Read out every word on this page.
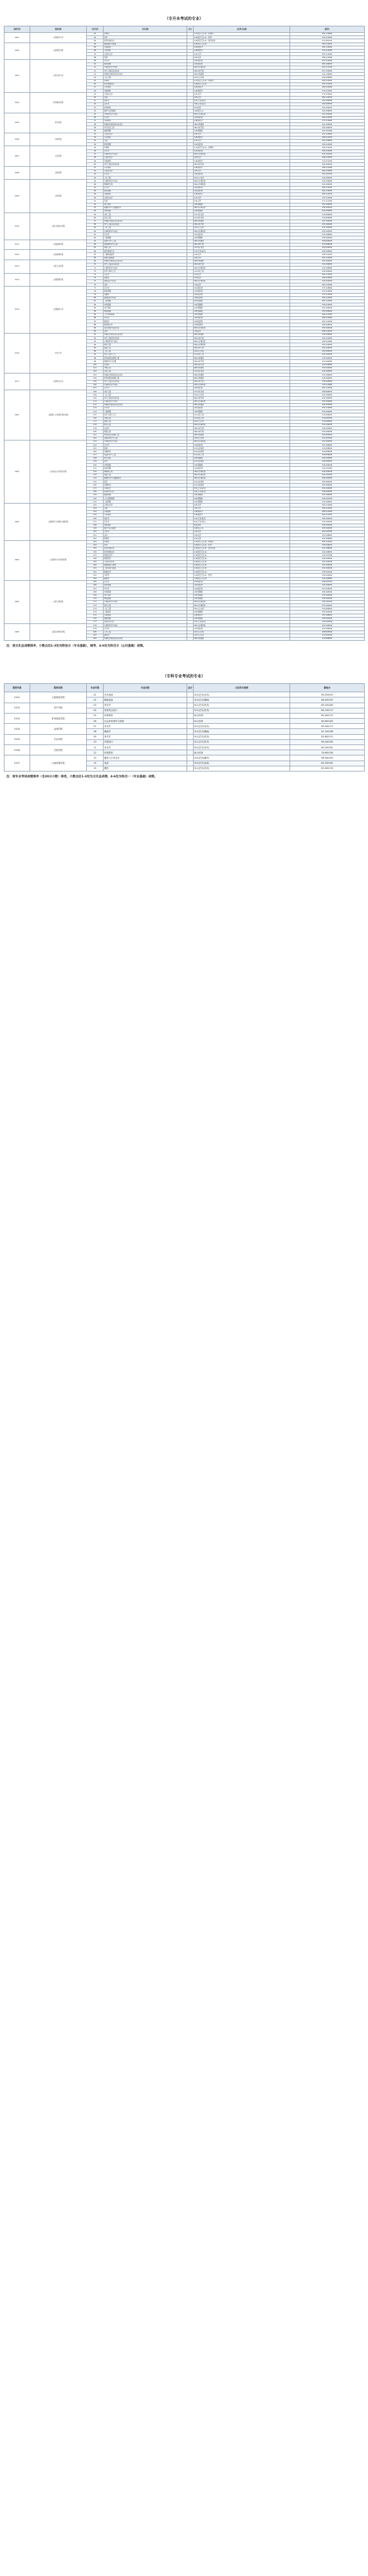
（专升本考试的专业）
院校代码	院校名称	专业代码	专业名称	总分	文化科目成绩	最低分
0101	山西医科大学	01	护理学		1(7)医疗卫生(1)（护理学）	281.119683
		02	药学		1(9)医疗卫生(1)（药学）	230.115094
		03	医学检验技术		1(9)医疗卫生(1)（医学检验）	279.265104
0102	太原师范学院	04	健康服务与管理		1(9)医疗卫生(1)	289.110070
		05	学前教育		1(8)教育学	285.116955
		06	小学教育		1(8)教育学	279.112050
		07	汉语言文学		2(3)文学	285.114060
		08	英语		2(3)文学	286.112000
0103	山西大同大学	09	会计学		4(1)财会类	263.114064
		10	财务管理		4(1)财会类	265.106045
		11	计算机科学与技术		06(1)计算机类	263.111040
		12	电气工程及其自动化		09(1)电气类	227.114065
		13	机械设计制造及其自动化		08(1)机械类	241.106650
		14	土木工程		10(1)土木类	249.108060
		15	护理学		1(7)医疗卫生(1)（护理学）	260.112045
		16	医学影像技术		1(9)医疗卫生(1)	255.111055
		17	小学教育		1(8)教育学	280.114080
		18	学前教育		1(8)教育学	279.112055
0104	忻州师范学院	19	汉语言文学		2(3)文学	279.110042
		20	英语		2(3)文学	281.114070
		21	美术学		5(1)艺术(美术)	250.106040
		22	音乐学		5(2)艺术(音乐)	246.105035
		23	体育教育		6(1)体育	245.104030
		24	数学与应用数学		4(2)理工(1)	243.108055
0105	晋中学院	25	计算机科学与技术		06(1)计算机类	240.104044
		26	会计学		4(1)财会类	262.112040
		27	学前教育		1(8)教育学	275.110065
		28	机械设计制造及其自动化		08(1)机械类	221.105050
		29	电子信息工程		09(1)电气类	228.106030
		30	旅游管理		4(3)管理类	250.107060
0106	运城学院	31	汉语言文学		2(3)文学	271.116055
		32	小学教育		1(8)教育学	268.112070
		33	英语		2(3)文学	264.108050
		34	财务管理		4(1)财会类	258.110045
0107	长治学院	35	护理学		1(7)医疗卫生(1)（护理学）	258.114040
		36	会计学		4(1)财会类	260.112060
		37	计算机科学与技术		06(1)计算机类	236.102040
		38	汉语言文学		2(3)文学	268.112050
		39	学前教育		1(8)教育学	270.111055
		40	电气工程及其自动化		09(1)电气类	226.103030
0108	吕梁学院	41	小学教育		1(8)教育学	266.111060
		42	汉语言文学		2(3)文学	262.110050
		43	会计学		4(1)财会类	255.107045
		44	土木工程		10(1)土木类	219.100040
0109	太原学院	45	计算机科学与技术		06(1)计算机类	245.106060
		46	物联网工程		06(1)计算机类	232.104050
		47	会计学		4(1)财会类	266.112055
		48	财务管理		4(1)财会类	263.110050
		49	学前教育		1(8)教育学	280.114070
		50	汉语言文学		2(3)文学	276.112065
		51	英语		2(3)文学	272.111060
		52	电子商务		4(3)管理类	252.106055
		53	数据科学与大数据技术		06(1)计算机类	238.104045
		54	市场营销		4(3)管理类	249.105050
0110	山西工程技术学院	55	采矿工程		13(1)矿业类	210.098040
		56	安全工程		13(1)矿业类	214.099045
		57	机械设计制造及其自动化		08(1)机械类	222.102050
		58	电气工程及其自动化		09(1)电气类	225.104040
		59	土木工程		10(1)土木类	216.100045
		60	计算机科学与技术		06(1)计算机类	235.103055
		61	会计学		4(1)财会类	254.108050
		62	工程管理		4(3)管理类	238.104050
0111	山西能源学院	63	能源与动力工程		08(1)机械类	208.096040
		64	新能源科学与工程		09(1)电气类	212.098045
		65	地质工程		13(1)矿业类	205.095040
0112	山西传媒学院	66	数字媒体艺术		5(1)艺术(美术)	248.108050
		67	广播电视编导		2(3)文学	258.112055
		68	网络与新媒体		2(3)文学	255.110050
0113	太原工业学院	69	机械设计制造及其自动化		08(1)机械类	230.104055
		70	电气工程及其自动化		09(1)电气类	234.106050
		71	计算机科学与技术		06(1)计算机类	240.108060
		72	化学工程与工艺		11(1)化工类	218.100045
0114	山西警察学院	73	治安学		3(1)法学	262.112050
		74	侦查学		3(1)法学	258.110045
		75	网络安全与执法		06(1)计算机类	236.104040
		76	法学		3(1)法学	265.114060
0115	山西财经大学	77	会计学		4(1)财会类	275.118060
		78	财务管理		4(1)财会类	272.116055
		79	金融学		4(2)经济类	270.115050
		80	国际经济与贸易		4(2)经济类	262.112050
		81	工商管理		4(3)管理类	265.113055
		82	市场营销		4(3)管理类	258.110050
		83	电子商务		4(3)管理类	255.108045
		84	物流管理		4(3)管理类	250.106050
		85	人力资源管理		4(3)管理类	260.111055
		86	审计学		4(1)财会类	268.114060
		87	税收学		4(2)经济类	262.112050
		88	经济统计学		4(2)经济类	248.106045
		89	信息管理与信息系统		06(1)计算机类	238.104040
		90	法学		3(1)法学	266.114055
0116	中北大学	91	机械设计制造及其自动化		08(1)机械类	238.108050
		92	电气工程及其自动化		09(1)电气类	242.110055
		93	计算机科学与技术		06(1)计算机类	248.112060
		94	软件工程		06(1)计算机类	244.110055
		95	通信工程		09(1)电气类	236.106050
		96	土木工程		10(1)土木类	226.104045
		97	化学工程与工艺		11(1)化工类	220.102040
		98	材料成型及控制工程		08(1)机械类	218.100045
		99	测控技术与仪器		09(1)电气类	224.102050
		100	自动化		09(1)电气类	240.108055
		101	车辆工程		08(1)机械类	228.104050
		102	安全工程		13(1)矿业类	216.100040
0117	太原科技大学	103	机械设计制造及其自动化		08(1)机械类	234.106050
		104	材料成型及控制工程		08(1)机械类	218.100045
		105	电气工程及其自动化		09(1)电气类	238.108055
		106	计算机科学与技术		06(1)计算机类	244.110060
		107	会计学		4(1)财会类	262.112055
0201	太原理工大学现代科技学院	108	采矿工程		13(1)矿业类	208.096045
		109	土木工程		10(1)土木类	220.100050
		110	电气工程及其自动化		09(1)电气类	232.104055
		111	计算机科学与技术		06(1)计算机类	238.106060
		112	机械设计制造及其自动化		08(1)机械类	226.102050
		113	会计学		4(1)财会类	255.110055
		114	工程管理		4(3)管理类	236.104050
		115	化学工程与工艺		11(1)化工类	212.098040
		116	环境工程		11(1)化工类	210.097045
		117	测绘工程		10(1)土木类	214.099040
		118	软件工程		06(1)计算机类	234.104055
		119	自动化		09(1)电气类	228.103050
		120	通信工程		09(1)电气类	225.102045
		121	材料成型及控制工程		08(1)机械类	209.096040
		122	给排水科学与工程		10(1)土木类	211.097045
0202	山西农业大学信息学院	123	计算机科学与技术		06(1)计算机类	232.104050
		124	会计学		4(1)财会类	252.108055
		125	园林		12(1)农林类	210.098040
		126	动物医学		12(1)农林类	214.099045
		127	食品科学与工程		11(1)化工类	208.096040
		128	电子商务		4(3)管理类	240.105050
		129	农学		12(1)农林类	206.095040
		130	市场营销		4(3)管理类	238.104045
		131	财务管理		4(1)财会类	250.107050
		132	物联网工程		06(1)计算机类	226.102045
		133	网络工程		06(1)计算机类	224.101045
		134	数据科学与大数据技术		06(1)计算机类	228.102050
		135	园艺		12(1)农林类	205.094040
		136	动物科学		12(1)农林类	207.095040
		137	环境设计		5(1)艺术(美术)	236.104050
		138	视觉传达设计		5(1)艺术(美术)	238.105050
		139	旅游管理		4(3)管理类	242.106050
		140	人力资源管理		4(3)管理类	246.107055
		141	工商管理		4(3)管理类	244.106050
0203	山西师范大学现代文理学院	142	汉语言文学		2(3)文学	262.112050
		143	英语		2(3)文学	258.110055
		144	学前教育		1(8)教育学	266.112060
		145	小学教育		1(8)教育学	264.111055
		146	美术学		5(1)艺术(美术)	236.104045
		147	音乐学		5(2)艺术(音乐)	232.102040
		148	体育教育		6(1)体育	230.101040
		149	数学与应用数学		4(2)理工(1)	228.102050
		150	历史学		2(3)文学	250.107050
		151	法学		3(1)法学	254.108055
		152	新闻学		2(3)文学	252.108050
0204	山西医科大学晋祠学院	153	护理学		1(7)医疗卫生(1)（护理学）	255.112050
		154	药学		1(9)医疗卫生(1)（药学）	238.106045
		155	医学检验技术		1(9)医疗卫生(1)（医学检验）	242.108050
		156	医学影像技术		1(9)医疗卫生(1)	244.108055
		157	康复治疗学		1(9)医疗卫生(1)	240.107050
		158	预防医学		1(9)医疗卫生(1)	236.105045
		159	口腔医学技术		1(9)医疗卫生(1)	234.104045
		160	健康服务与管理		1(9)医疗卫生(1)	232.103040
		161	卫生检验与检疫		1(9)医疗卫生(1)	230.102040
		162	眼视光学		1(9)医疗卫生(1)	228.101040
		163	中药学		1(9)医疗卫生(1)（药学）	226.100040
		164	麻醉学		1(9)医疗卫生(1)	245.109050
0205	山西工商学院	165	会计学		4(1)财会类	248.107050
		166	财务管理		4(1)财会类	245.106050
		167	审计学		4(1)财会类	244.106045
		168	市场营销		4(3)管理类	236.104045
		169	电子商务		4(3)管理类	234.103045
		170	物流管理		4(3)管理类	230.102040
		171	计算机科学与技术		06(1)计算机类	226.101045
		172	软件工程		06(1)计算机类	224.100045
		173	土木工程		10(1)土木类	210.096040
		174	工程造价		4(3)管理类	232.103045
		175	学前教育		1(8)教育学	252.108055
		176	旅游管理		4(3)管理类	228.101040
		177	视觉传达设计		5(1)艺术(美术)	230.102040
0206	山西应用科技学院	178	计算机科学与技术		06(1)计算机类	224.100045
		179	会计学		4(1)财会类	244.106050
		180	土木工程		10(1)土木类	208.095040
		181	建筑学		10(1)土木类	212.097040
		182	机械设计制造及其自动化		08(1)机械类	214.098045
注：按文化总成绩排序，小数点后1-3位为附加分（专业基础），城考、4-6位为科目分（公共基础）成绩。
（专科专业考试的专业）
院校代码	院校名称	专业代码	专业名称	总分	文化科目成绩	最低分
0101	太原师范学院	01	音乐表演		5(2)艺术(音乐)	89.333200
		02	舞蹈表演		5(3)艺术(舞蹈)	86.500195
0102	晋中学院	03	美术学		5(1)艺术(美术)	85.200180
		04	视觉传达设计		5(1)艺术(美术)	84.100175
0103	忻州师范学院	05	体育教育		6(1)体育	82.400170
		06	社会体育指导与管理		6(1)体育	80.600165
0104	运城学院	07	音乐学		5(2)艺术(音乐)	83.500172
		08	舞蹈学		5(3)艺术(舞蹈)	81.200168
0105	长治学院	09	美术学		5(1)艺术(美术)	82.800170
		10	环境设计		5(1)艺术(美术)	80.400164
0106	吕梁学院	11	音乐学		5(2)艺术(音乐)	80.200162
		12	体育教育		6(1)体育	78.600158
0107	山西传媒学院	13	播音与主持艺术		5(4)艺术(播音)	86.400190
		14	表演		5(5)艺术(表演)	84.200182
		15	摄影		5(1)艺术(美术)	82.000176
注：按专业考试成绩排序（含20分小数）择优，小数点后1-3位为文化总成绩，4-6位为科目一（专业基础）成绩。
